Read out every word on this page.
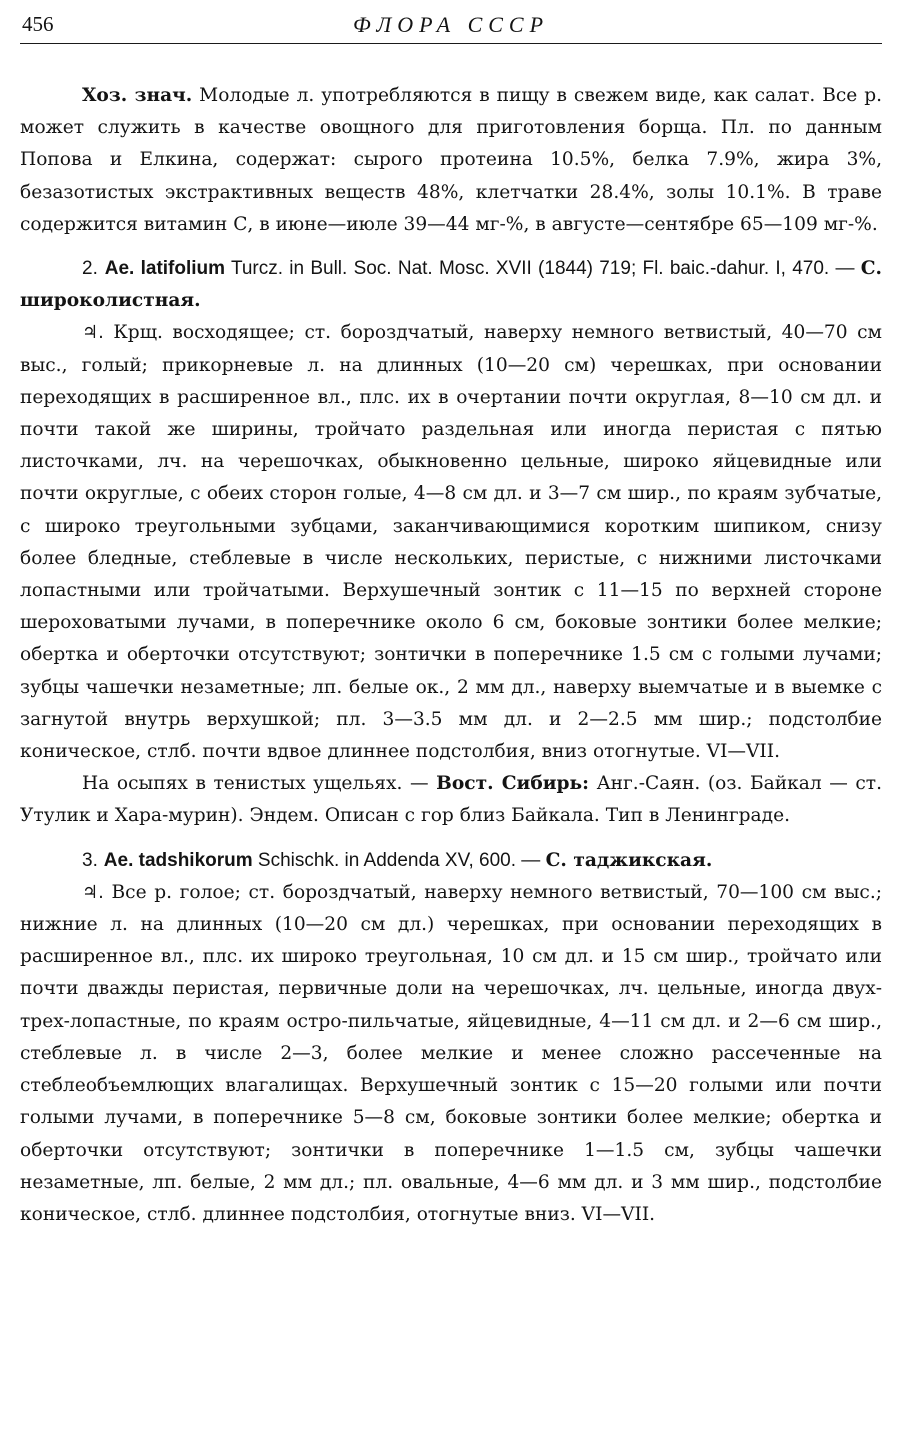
456	ФЛОРА СССР

Хоз. знач. Молодые л. употребляются в пищу в свежем виде, как салат. Все р. может служить в качестве овощного для приготовления борща. Пл. по данным Попова и Елкина, содержат: сырого протеина 10.5%, белка 7.9%, жира 3%, безазотистых экстрактивных веществ 48%, клетчатки 28.4%, золы 10.1%. В траве содержится витамин С, в июне—июле 39—44 мг-%, в августе—сентябре 65—109 мг-%.

2. Ae. latifolium Turcz. in Bull. Soc. Nat. Mosc. XVII (1844) 719; Fl. baic.-dahur. I, 470. — С. широколистная.

♃. Крщ. восходящее; ст. бороздчатый, наверху немного ветвистый, 40—70 см выс., голый; прикорневые л. на длинных (10—20 см) черешках, при основании переходящих в расширенное вл., плс. их в очертании почти округлая, 8—10 см дл. и почти такой же ширины, тройчато раздельная или иногда перистая с пятью листочками, лч. на черешочках, обыкновенно цельные, широко яйцевидные или почти округлые, с обеих сторон голые, 4—8 см дл. и 3—7 см шир., по краям зубчатые, с широко треугольными зубцами, заканчивающимися коротким шипиком, снизу более бледные, стеблевые в числе нескольких, перистые, с нижними листочками лопастными или тройчатыми. Верхушечный зонтик с 11—15 по верхней стороне шероховатыми лучами, в поперечнике около 6 см, боковые зонтики более мелкие; обертка и оберточки отсутствуют; зонтички в поперечнике 1.5 см с голыми лучами; зубцы чашечки незаметные; лп. белые ок., 2 мм дл., наверху выемчатые и в выемке с загнутой внутрь верхушкой; пл. 3—3.5 мм дл. и 2—2.5 мм шир.; подстолбие коническое, стлб. почти вдвое длиннее подстолбия, вниз отогнутые. VI—VII.

На осыпях в тенистых ущельях. — Вост. Сибирь: Анг.-Саян. (оз. Байкал — ст. Утулик и Хара-мурин). Эндем. Описан с гор близ Байкала. Тип в Ленинграде.

3. Ae. tadshikorum Schischk. in Addenda XV, 600. — С. таджикская.

♃. Все р. голое; ст. бороздчатый, наверху немного ветвистый, 70—100 см выс.; нижние л. на длинных (10—20 см дл.) черешках, при основании переходящих в расширенное вл., плс. их широко треугольная, 10 см дл. и 15 см шир., тройчато или почти дважды перистая, первичные доли на черешочках, лч. цельные, иногда двух-трех-лопастные, по краям остро-пильчатые, яйцевидные, 4—11 см дл. и 2—6 см шир., стеблевые л. в числе 2—3, более мелкие и менее сложно рассеченные на стеблеобъемлющих влагалищах. Верхушечный зонтик с 15—20 голыми или почти голыми лучами, в поперечнике 5—8 см, боковые зонтики более мелкие; обертка и оберточки отсутствуют; зонтички в поперечнике 1—1.5 см, зубцы чашечки незаметные, лп. белые, 2 мм дл.; пл. овальные, 4—6 мм дл. и 3 мм шир., подстолбие коническое, стлб. длиннее подстолбия, отогнутые вниз. VI—VII.
